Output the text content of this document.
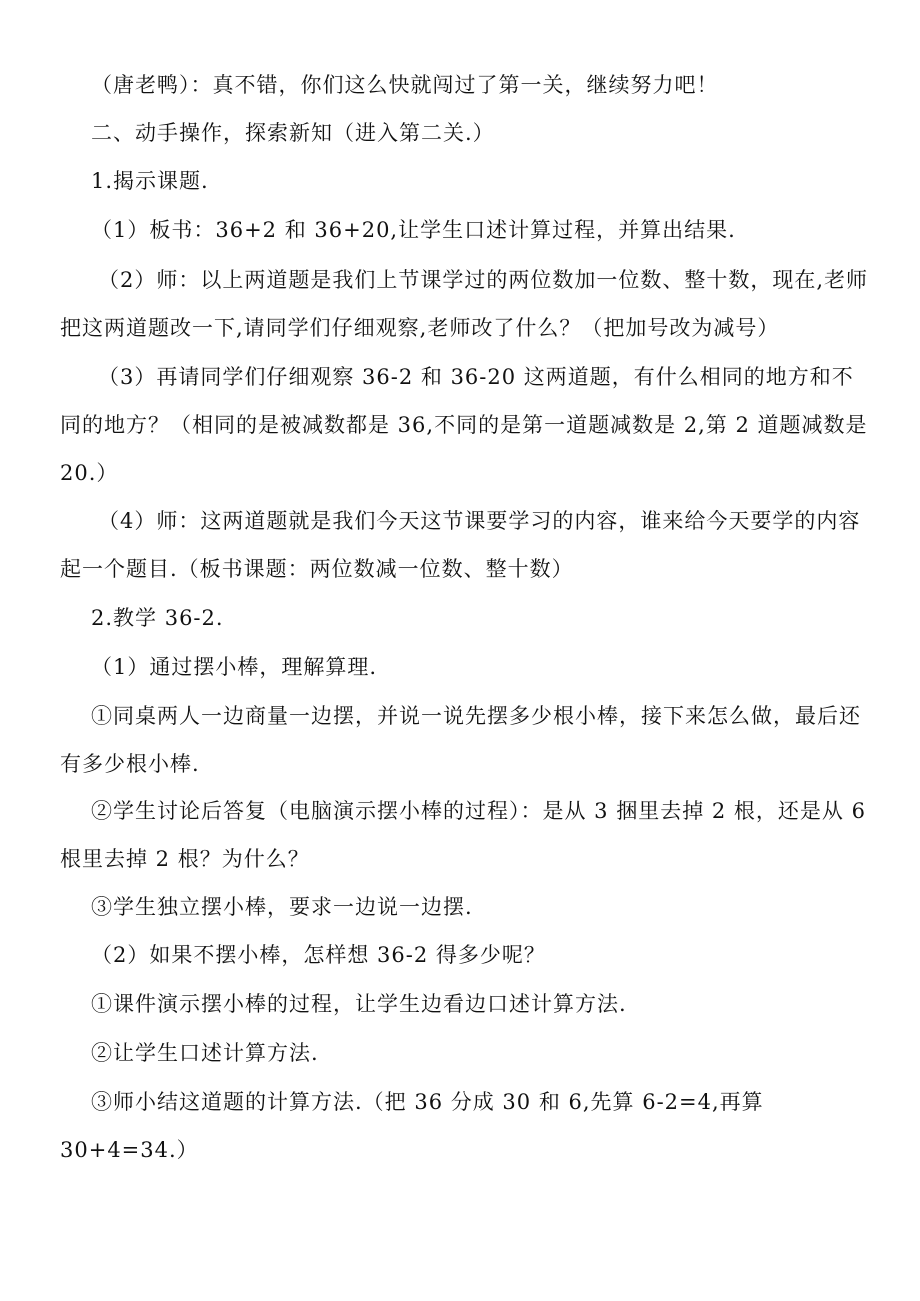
（唐老鸭）：真不错，你们这么快就闯过了第一关，继续努力吧！

二、动手操作，探索新知（进入第二关.）

1.揭示课题.

（1）板书：36+2 和 36+20,让学生口述计算过程，并算出结果.

（2）师：以上两道题是我们上节课学过的两位数加一位数、整十数，现在,老师把这两道题改一下,请同学们仔细观察,老师改了什么？（把加号改为减号）

（3）再请同学们仔细观察 36-2 和 36-20 这两道题，有什么相同的地方和不同的地方？（相同的是被减数都是 36,不同的是第一道题减数是 2,第 2 道题减数是 20.）

（4）师：这两道题就是我们今天这节课要学习的内容，谁来给今天要学的内容起一个题目.（板书课题：两位数减一位数、整十数）

2.教学 36-2.

（1）通过摆小棒，理解算理.

①同桌两人一边商量一边摆，并说一说先摆多少根小棒，接下来怎么做，最后还有多少根小棒.

②学生讨论后答复（电脑演示摆小棒的过程）：是从 3 捆里去掉 2 根，还是从 6 根里去掉 2 根？为什么？

③学生独立摆小棒，要求一边说一边摆.

（2）如果不摆小棒，怎样想 36-2 得多少呢？

①课件演示摆小棒的过程，让学生边看边口述计算方法.

②让学生口述计算方法.

③师小结这道题的计算方法.（把 36 分成 30 和 6,先算 6-2=4,再算 30+4=34.）
